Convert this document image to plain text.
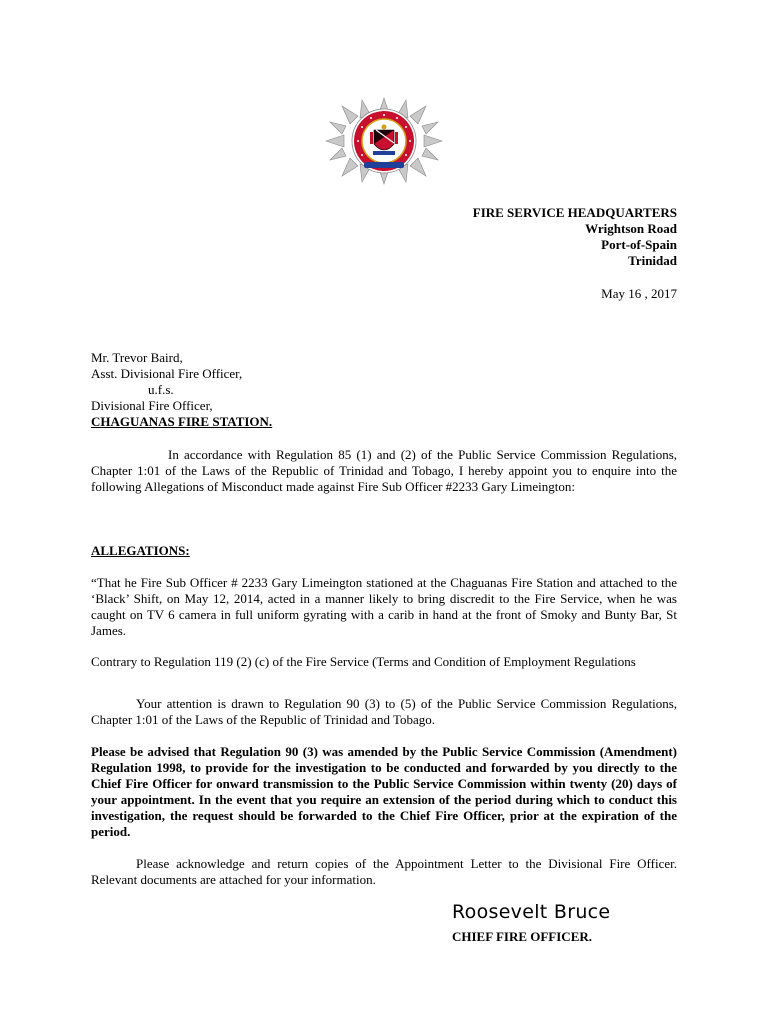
FIRE SERVICE HEADQUARTERS
Wrightson Road
Port-of-Spain
Trinidad
May 16 , 2017
Mr. Trevor Baird,
Asst. Divisional Fire Officer,
u.f.s.
Divisional Fire Officer,
CHAGUANAS FIRE STATION.
In accordance with Regulation 85 (1) and (2) of the Public Service Commission Regulations, Chapter 1:01 of the Laws of the Republic of Trinidad and Tobago, I hereby appoint you to enquire into the following Allegations of Misconduct made against Fire Sub Officer #2233 Gary Limeington:
ALLEGATIONS:
“That he Fire Sub Officer # 2233 Gary Limeington stationed at the Chaguanas Fire Station and attached to the ‘Black’ Shift, on May 12, 2014, acted in a manner likely to bring discredit to the Fire Service, when he was caught on TV 6 camera in full uniform gyrating with a carib in hand at the front of Smoky and Bunty Bar, St James.
Contrary to Regulation 119 (2) (c) of the Fire Service (Terms and Condition of Employment Regulations
Your attention is drawn to Regulation 90 (3) to (5) of the Public Service Commission Regulations, Chapter 1:01 of the Laws of the Republic of Trinidad and Tobago.
Please be advised that Regulation 90 (3) was amended by the Public Service Commission (Amendment) Regulation 1998, to provide for the investigation to be conducted and forwarded by you directly to the Chief Fire Officer for onward transmission to the Public Service Commission within twenty (20) days of your appointment. In the event that you require an extension of the period during which to conduct this investigation, the request should be forwarded to the Chief Fire Officer, prior at the expiration of the period.
Please acknowledge and return copies of the Appointment Letter to the Divisional Fire Officer. Relevant documents are attached for your information.
Roosevelt Bruce
CHIEF FIRE OFFICER.
